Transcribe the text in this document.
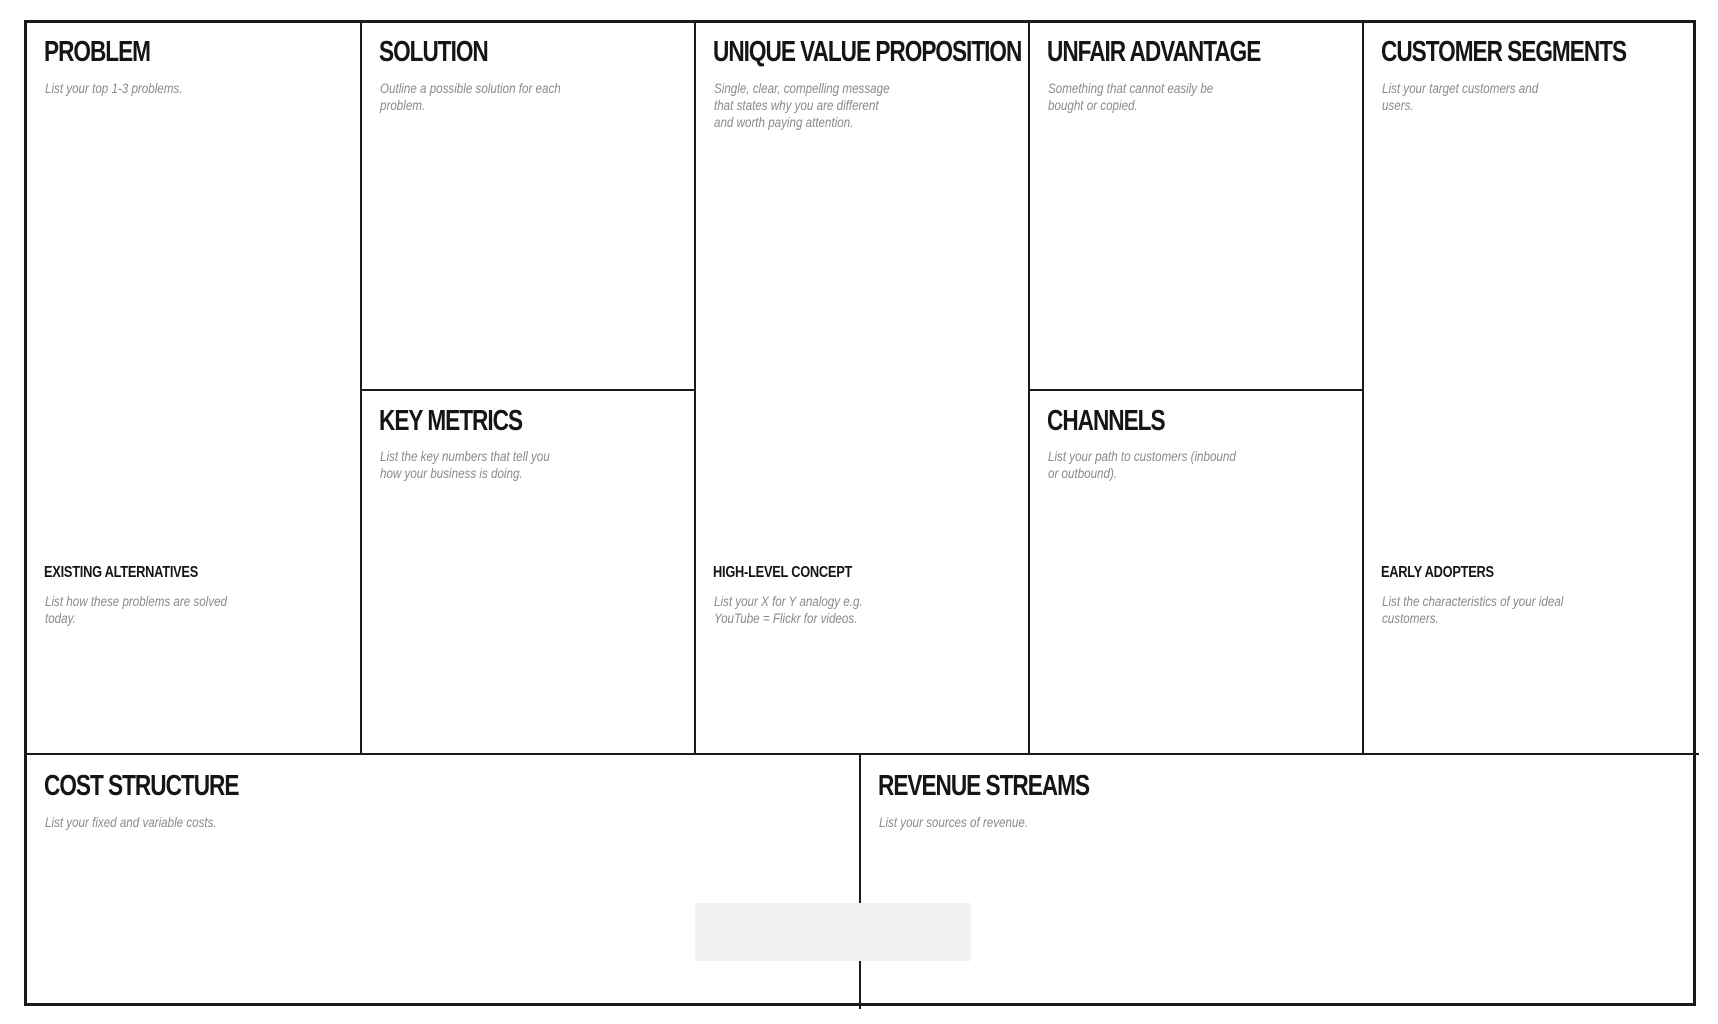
PROBLEM

List your top 1-3 problems.

EXISTING ALTERNATIVES

List how these problems are solved
today.

SOLUTION

Outline a possible solution for each
problem.

KEY METRICS

List the key numbers that tell you
how your business is doing.

UNIQUE VALUE PROPOSITION

Single, clear, compelling message
that states why you are different
and worth paying attention.

HIGH-LEVEL CONCEPT

List your X for Y analogy e.g.
YouTube = Flickr for videos.

UNFAIR ADVANTAGE

Something that cannot easily be
bought or copied.

CHANNELS

List your path to customers (inbound
or outbound).

CUSTOMER SEGMENTS

List your target customers and
users.

EARLY ADOPTERS

List the characteristics of your ideal
customers.

COST STRUCTURE

List your fixed and variable costs.

REVENUE STREAMS

List your sources of revenue.
